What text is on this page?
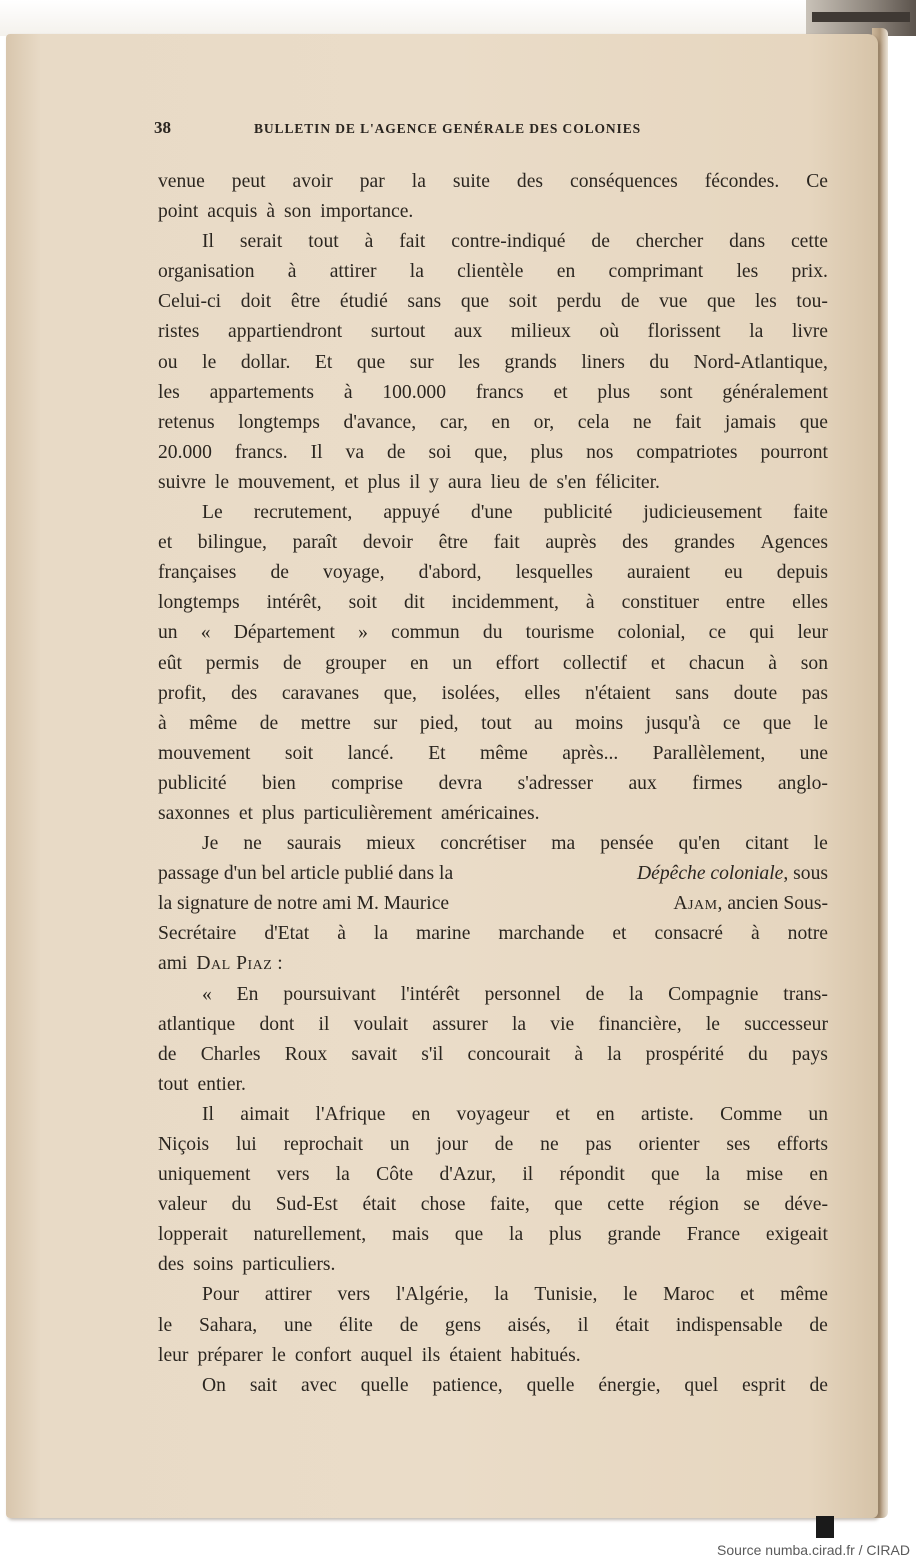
38	BULLETIN DE L'AGENCE GENÉRALE DES COLONIES
venue peut avoir par la suite des conséquences fécondes. Ce
point acquis à son importance.
Il serait tout à fait contre-indiqué de chercher dans cette
organisation à attirer la clientèle en comprimant les prix.
Celui-ci doit être étudié sans que soit perdu de vue que les tou-
ristes appartiendront surtout aux milieux où florissent la livre
ou le dollar. Et que sur les grands liners du Nord-Atlantique,
les appartements à 100.000 francs et plus sont généralement
retenus longtemps d'avance, car, en or, cela ne fait jamais que
20.000 francs. Il va de soi que, plus nos compatriotes pourront
suivre le mouvement, et plus il y aura lieu de s'en féliciter.
Le recrutement, appuyé d'une publicité judicieusement faite
et bilingue, paraît devoir être fait auprès des grandes Agences
françaises de voyage, d'abord, lesquelles auraient eu depuis
longtemps intérêt, soit dit incidemment, à constituer entre elles
un « Département » commun du tourisme colonial, ce qui leur
eût permis de grouper en un effort collectif et chacun à son
profit, des caravanes que, isolées, elles n'étaient sans doute pas
à même de mettre sur pied, tout au moins jusqu'à ce que le
mouvement soit lancé. Et même après... Parallèlement, une
publicité bien comprise devra s'adresser aux firmes anglo-
saxonnes et plus particulièrement américaines.
Je ne saurais mieux concrétiser ma pensée qu'en citant le
passage d'un bel article publié dans la	Dépêche coloniale, sous
la signature de notre ami M. Maurice	Ajam, ancien Sous-
Secrétaire d'Etat à la marine marchande et consacré à notre
ami Dal Piaz :
« En poursuivant l'intérêt personnel de la Compagnie trans-
atlantique dont il voulait assurer la vie financière, le successeur
de Charles Roux savait s'il concourait à la prospérité du pays
tout entier.
Il aimait l'Afrique en voyageur et en artiste. Comme un
Niçois lui reprochait un jour de ne pas orienter ses efforts
uniquement vers la Côte d'Azur, il répondit que la mise en
valeur du Sud-Est était chose faite, que cette région se déve-
lopperait naturellement, mais que la plus grande France exigeait
des soins particuliers.
Pour attirer vers l'Algérie, la Tunisie, le Maroc et même
le Sahara, une élite de gens aisés, il était indispensable de
leur préparer le confort auquel ils étaient habitués.
On sait avec quelle patience, quelle énergie, quel esprit de
Source numba.cirad.fr / CIRAD
